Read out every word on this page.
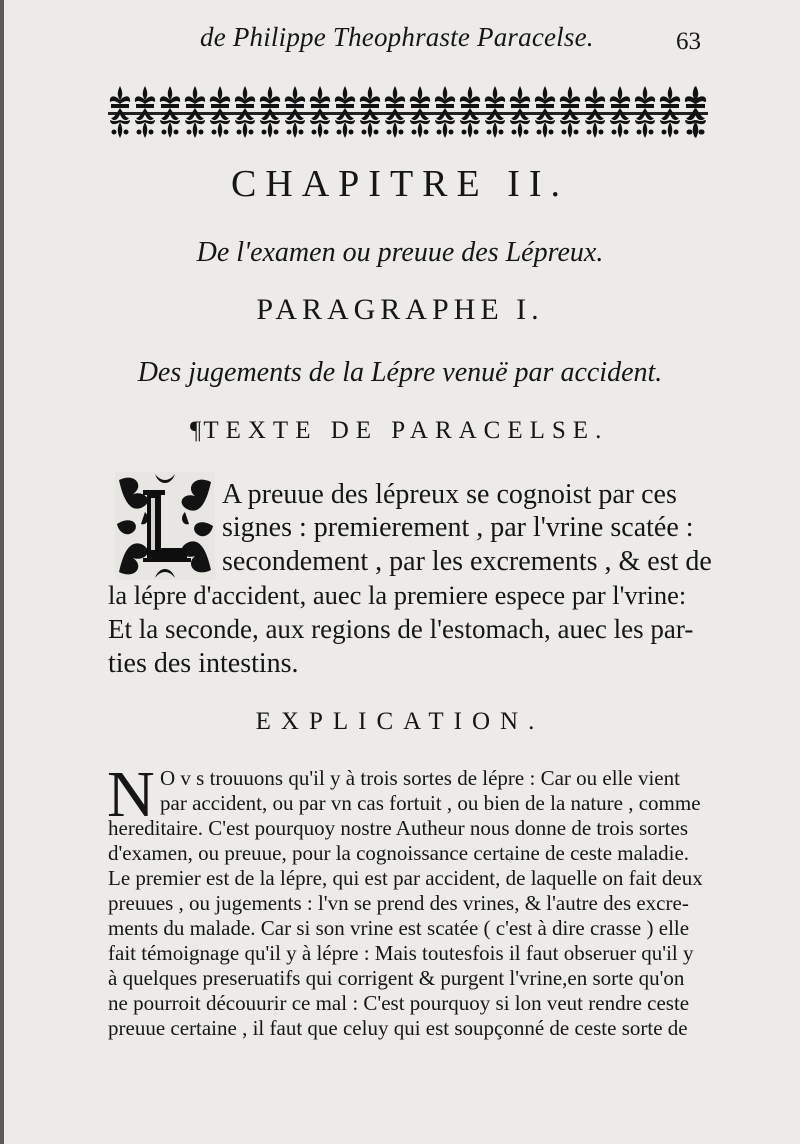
de Philippe Theophraste Paracelse.	63
CHAPITRE II.
De l'examen ou preuue des Lépreux.
PARAGRAPHE I.
Des jugements de la Lépre venuë par accident.
¶TEXTE DE PARACELSE.
A preuue des lépreux se cognoist par ces
signes : premierement , par l'vrine scatée :
secondement , par les excrements , & est de
la lépre d'accident, auec la premiere espece par l'vrine:
Et la seconde, aux regions de l'estomach, auec les par-
ties des intestins.
EXPLICATION.
N O v s trouuons qu'il y à trois sortes de lépre : Car ou elle vient
par accident, ou par vn cas fortuit , ou bien de la nature , comme
hereditaire. C'est pourquoy nostre Autheur nous donne de trois sortes
d'examen, ou preuue, pour la cognoissance certaine de ceste maladie.
Le premier est de la lépre, qui est par accident, de laquelle on fait deux
preuues , ou jugements : l'vn se prend des vrines, & l'autre des excre-
ments du malade. Car si son vrine est scatée ( c'est à dire crasse ) elle
fait témoignage qu'il y à lépre : Mais toutesfois il faut obseruer qu'il y
à quelques preseruatifs qui corrigent & purgent l'vrine,en sorte qu'on
ne pourroit découurir ce mal : C'est pourquoy si lon veut rendre ceste
preuue certaine , il faut que celuy qui est soupçonné de ceste sorte de
